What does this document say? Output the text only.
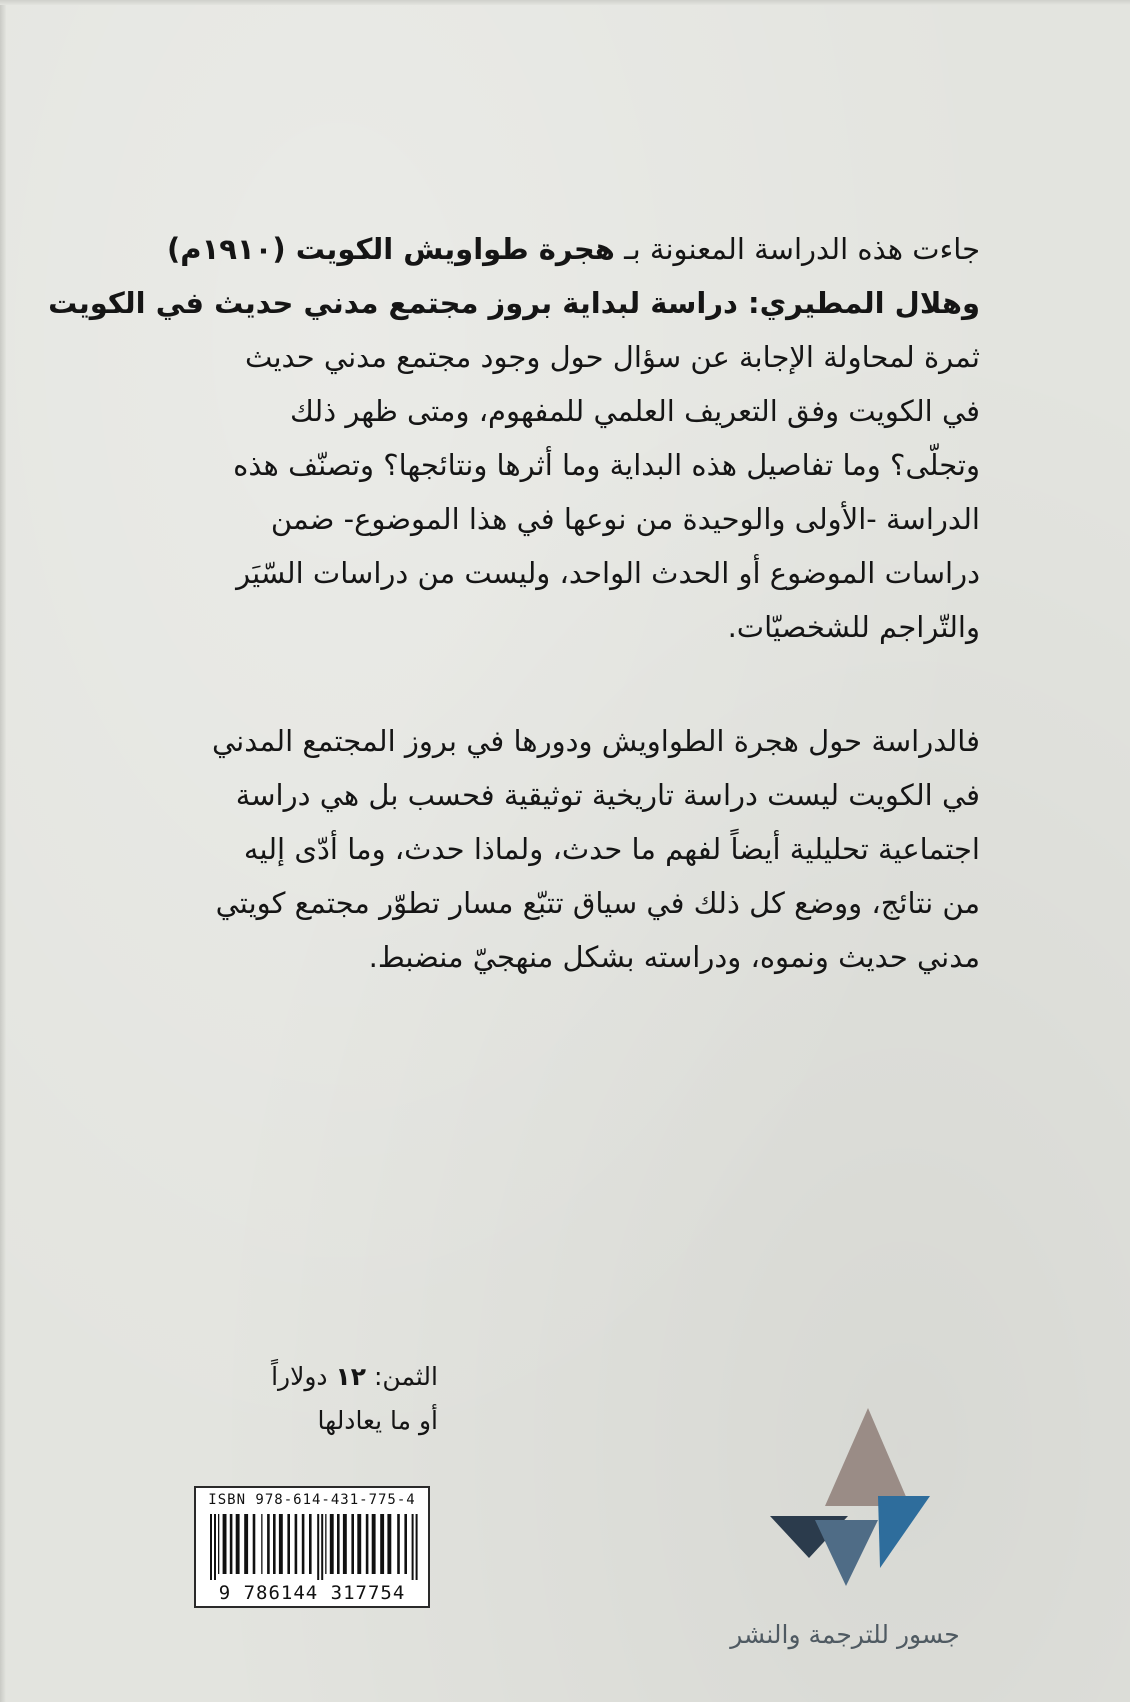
جاءت هذه الدراسة المعنونة بـ هجرة طواويش الكويت (١٩١٠م)
وهلال المطيري: دراسة لبداية بروز مجتمع مدني حديث في الكويت
ثمرة لمحاولة الإجابة عن سؤال حول وجود مجتمع مدني حديث
في الكويت وفق التعريف العلمي للمفهوم، ومتى ظهر ذلك
وتجلّى؟ وما تفاصيل هذه البداية وما أثرها ونتائجها؟ وتصنّف هذه
الدراسة -الأولى والوحيدة من نوعها في هذا الموضوع- ضمن
دراسات الموضوع أو الحدث الواحد، وليست من دراسات السّيَر
والتّراجم للشخصيّات.
فالدراسة حول هجرة الطواويش ودورها في بروز المجتمع المدني
في الكويت ليست دراسة تاريخية توثيقية فحسب بل هي دراسة
اجتماعية تحليلية أيضاً لفهم ما حدث، ولماذا حدث، وما أدّى إليه
من نتائج، ووضع كل ذلك في سياق تتبّع مسار تطوّر مجتمع كويتي
مدني حديث ونموه، ودراسته بشكل منهجيّ منضبط.
الثمن: ١٢ دولاراً
أو ما يعادلها
ISBN 978-614-431-775-4
9 786144 317754
جسور للترجمة والنشر
